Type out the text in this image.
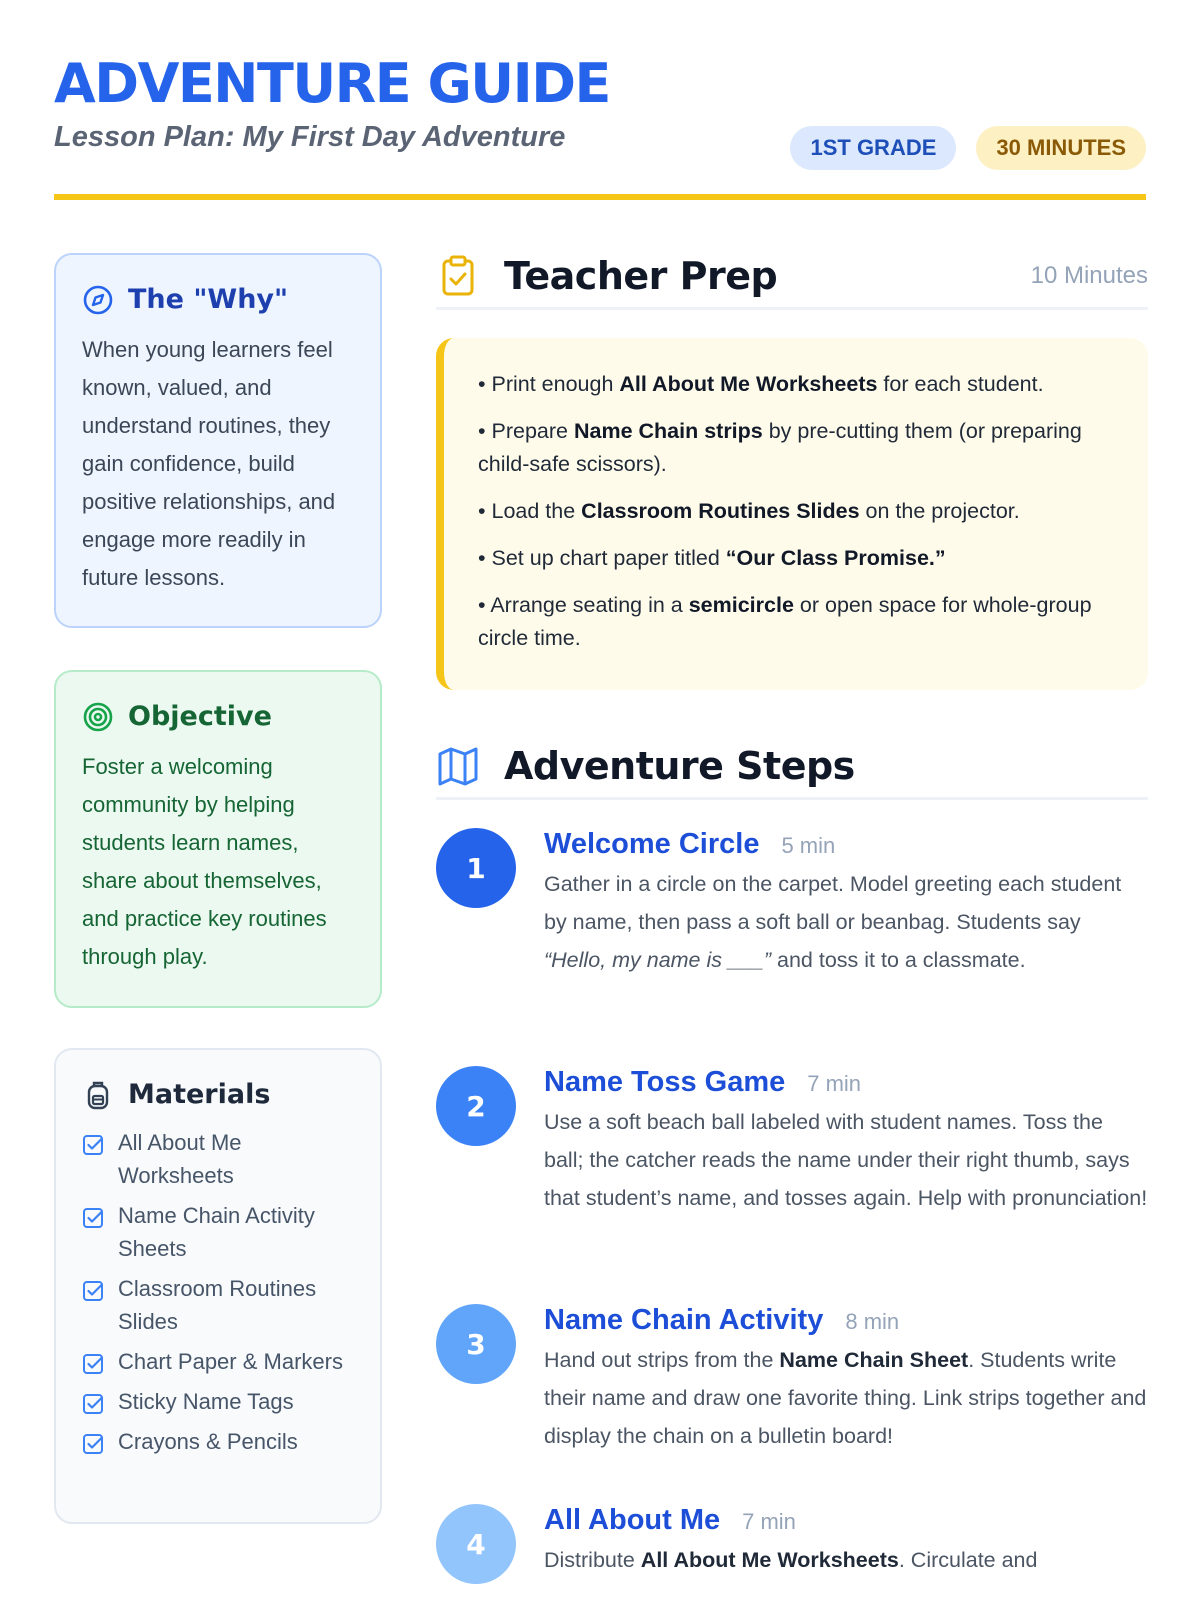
ADVENTURE GUIDE
Lesson Plan: My First Day Adventure	1ST GRADE	30 MINUTES
The "Why"

When young learners feel known, valued, and understand routines, they gain confidence, build positive relationships, and engage more readily in future lessons.

Objective

Foster a welcoming community by helping students learn names, share about themselves, and practice key routines through play.

Materials
All About Me Worksheets
Name Chain Activity Sheets
Classroom Routines Slides
Chart Paper & Markers
Sticky Name Tags
Crayons & Pencils
Teacher Prep	10 Minutes
• Print enough All About Me Worksheets for each student.
• Prepare Name Chain strips by pre-cutting them (or preparing child-safe scissors).
• Load the Classroom Routines Slides on the projector.
• Set up chart paper titled “Our Class Promise.”
• Arrange seating in a semicircle or open space for whole-group circle time.
Adventure Steps
1
Welcome Circle 5 min
Gather in a circle on the carpet. Model greeting each student by name, then pass a soft ball or beanbag. Students say “Hello, my name is ___” and toss it to a classmate.
2
Name Toss Game 7 min
Use a soft beach ball labeled with student names. Toss the ball; the catcher reads the name under their right thumb, says that student’s name, and tosses again. Help with pronunciation!
3
Name Chain Activity 8 min
Hand out strips from the Name Chain Sheet. Students write their name and draw one favorite thing. Link strips together and display the chain on a bulletin board!
4
All About Me 7 min
Distribute All About Me Worksheets. Circulate and
